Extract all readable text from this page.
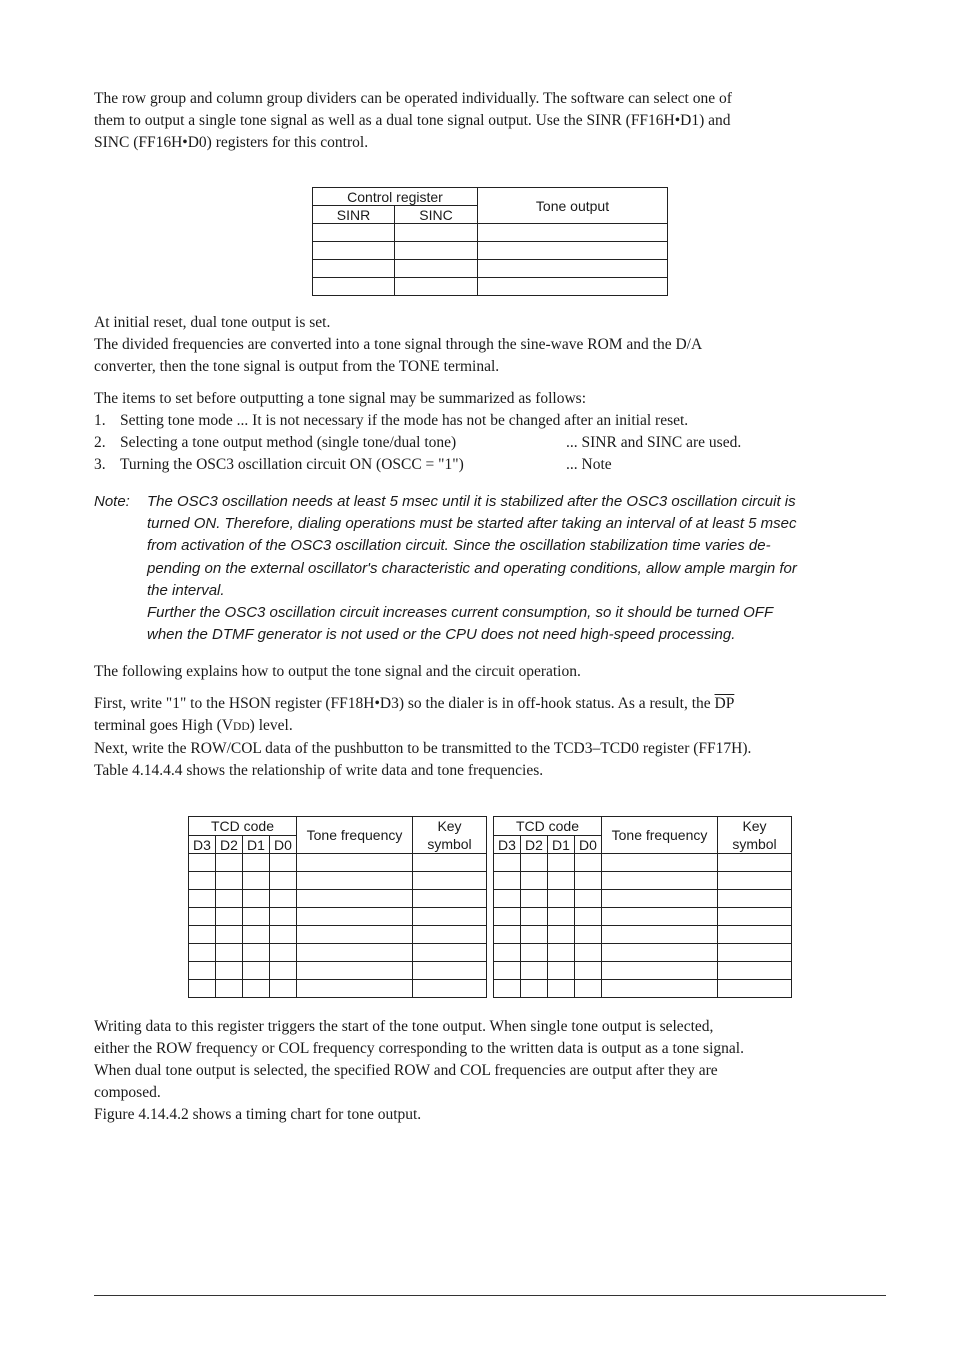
The row group and column group dividers can be operated individually. The software can select one of

them to output a single tone signal as well as a dual tone signal output. Use the SINR (FF16H•D1) and

SINC (FF16H•D0) registers for this control.

Control register		Tone output
SINR	SINC	

At initial reset, dual tone output is set.

The divided frequencies are converted into a tone signal through the sine-wave ROM and the D/A

converter, then the tone signal is output from the TONE terminal.

The items to set before outputting a tone signal may be summarized as follows:
1. Setting tone mode ... It is not necessary if the mode has not be changed after an initial reset.
2. Selecting a tone output method (single tone/dual tone)	... SINR and SINC are used.
3. Turning the OSC3 oscillation circuit ON (OSCC = "1")	... Note
Note: The OSC3 oscillation needs at least 5 msec until it is stabilized after the OSC3 oscillation circuit is

turned ON. Therefore, dialing operations must be started after taking an interval of at least 5 msec

from activation of the OSC3 oscillation circuit. Since the oscillation stabilization time varies de-

pending on the external oscillator's characteristic and operating conditions, allow ample margin for

the interval.

Further the OSC3 oscillation circuit increases current consumption, so it should be turned OFF

when the DTMF generator is not used or the CPU does not need high-speed processing.

The following explains how to output the tone signal and the circuit operation.

First, write "1" to the HSON register (FF18H•D3) so the dialer is in off-hook status. As a result, the $\overline{DP}$

terminal goes High (VDD) level.

Next, write the ROW/COL data of the pushbutton to be transmitted to the TCD3–TCD0 register (FF17H).

Table 4.14.4.4 shows the relationship of write data and tone frequencies.

TCD code				Tone frequency	Key
symbol
D3	D2	D1	D0		

TCD code				Tone frequency	Key
symbol
D3	D2	D1	D0		

Writing data to this register triggers the start of the tone output. When single tone output is selected,

either the ROW frequency or COL frequency corresponding to the written data is output as a tone signal.

When dual tone output is selected, the specified ROW and COL frequencies are output after they are

composed.

Figure 4.14.4.2 shows a timing chart for tone output.
